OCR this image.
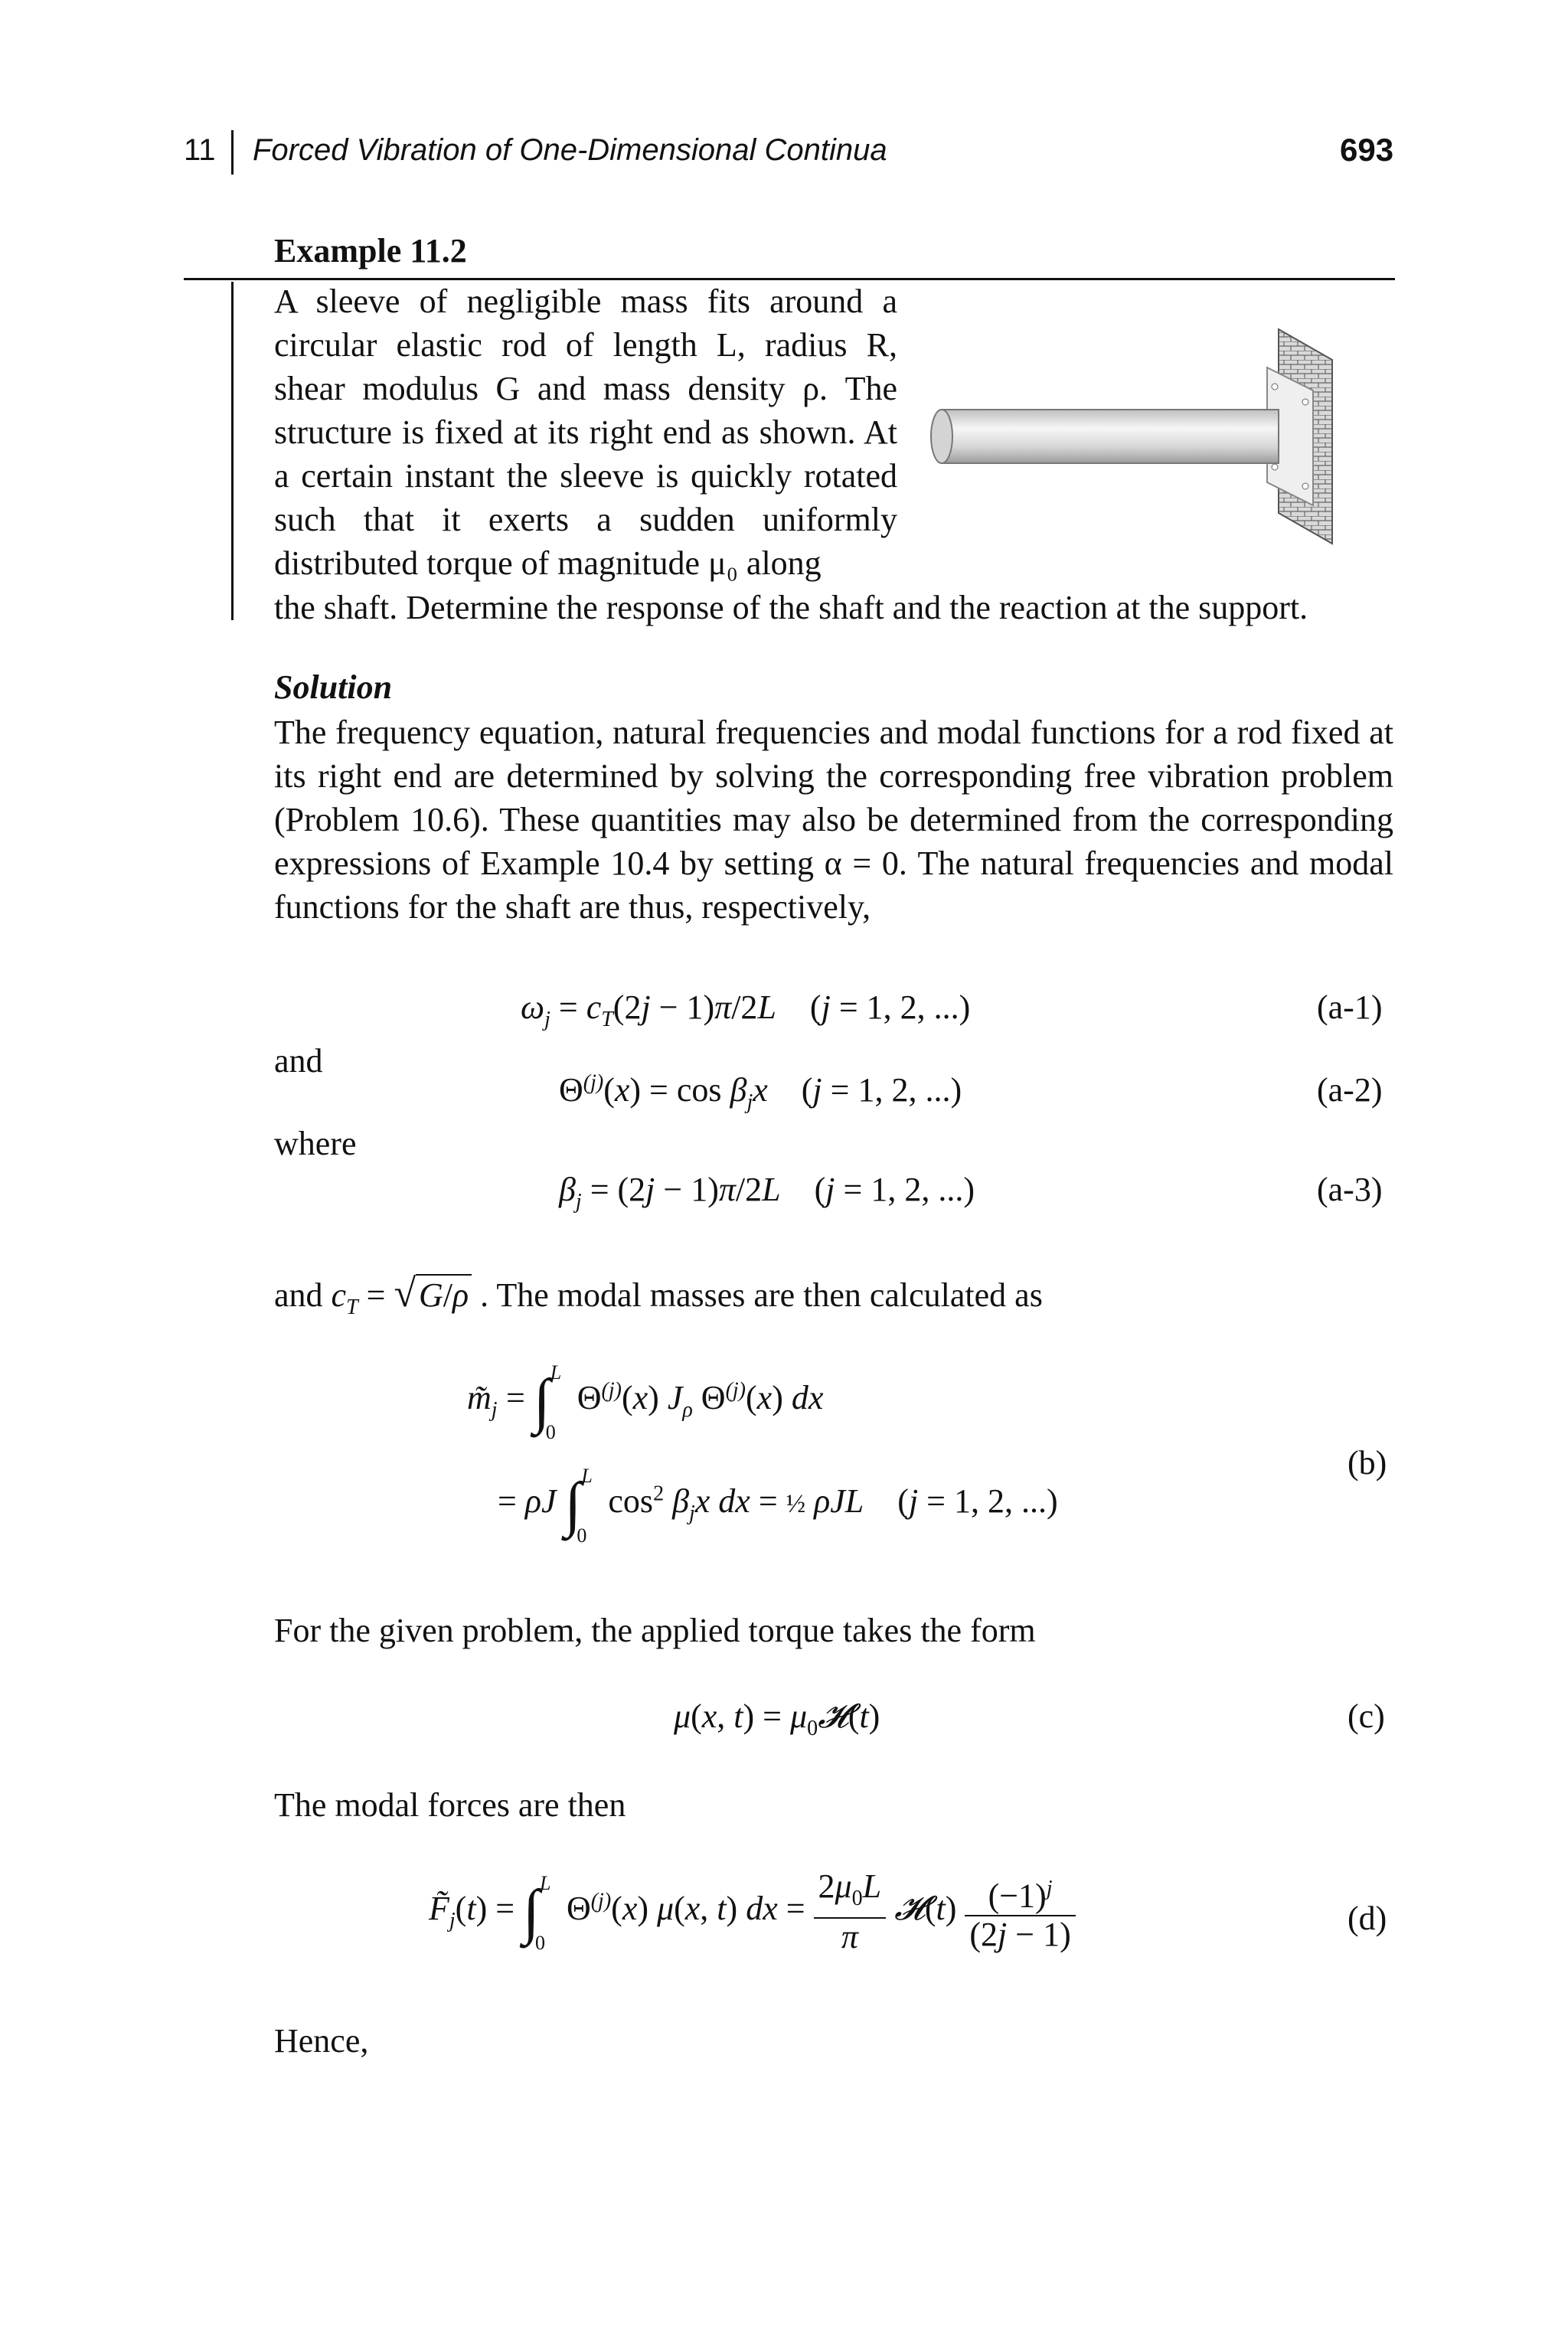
11 Forced Vibration of One-Dimensional Continua	693
Example 11.2
A sleeve of negligible mass fits around a circular elastic rod of length L, radius R, shear modulus G and mass density ρ. The structure is fixed at its right end as shown. At a certain instant the sleeve is quickly rotated such that it exerts a sudden uniformly distributed torque of magnitude μ₀ along
the shaft. Determine the response of the shaft and the reaction at the support.
Solution
The frequency equation, natural frequencies and modal functions for a rod fixed at its right end are determined by solving the corresponding free vibration problem (Problem 10.6). These quantities may also be determined from the corresponding expressions of Example 10.4 by setting α = 0. The natural frequencies and modal functions for the shaft are thus, respectively,
$\omega_j = c_T(2j - 1)\pi/2L$    (j = 1, 2, ...)	(a-1)
and
$\Theta^{(j)}(x) = \cos \beta_jx$    (j = 1, 2, ...)	(a-2)
where
$\beta_j = (2j - 1)\pi/2L$    (j = 1, 2, ...)	(a-3)
and $c_T = √G/\rho$ . The modal masses are then calculated as
$m̃_j$ = ∫ L
0
$\Theta^{(j)}(x)$ $J_\rho$ $\Theta^{(j)}(x)$ dx
= ρJ ∫ L
0
$\cos^2 \beta_jx$ dx = ½ ρJL    (j = 1, 2, ...)
(b)
For the given problem, the applied torque takes the form
μ(x, $t) = \mu_0𝓗(t)$	(c)
The modal forces are then
$F̃_j(t)$ = ∫ L
0
$\Theta^{(j)}(x)$ μ(x, t) dx = $\frac{2\mu_0L}{\pi}$ 𝓗(t) $\frac{(-1)^j}{(2j - 1)}$	(d)
Hence,
